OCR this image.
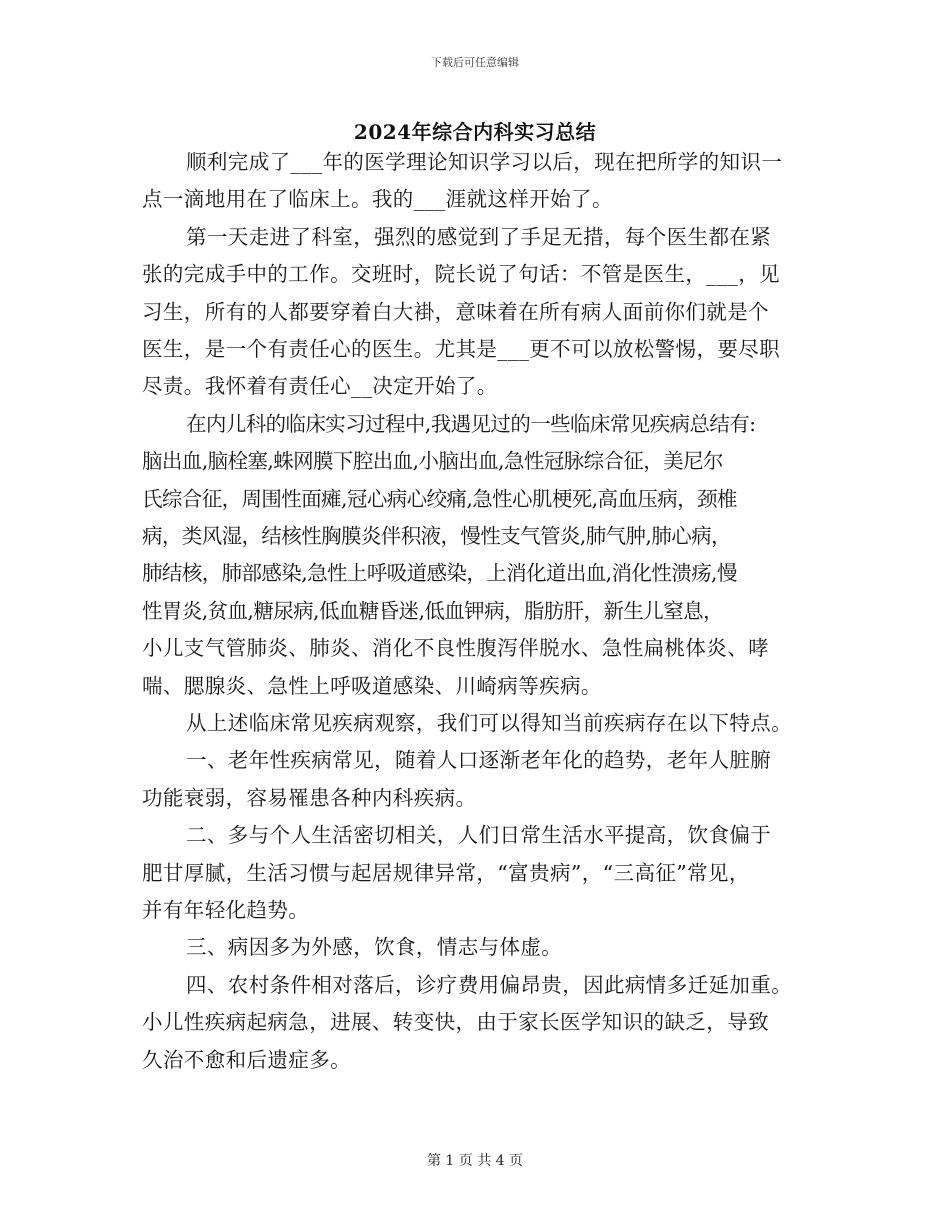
下载后可任意编辑
2024年综合内科实习总结
顺利完成了___年的医学理论知识学习以后，现在把所学的知识一
点一滴地用在了临床上。我的___涯就这样开始了。
第一天走进了科室，强烈的感觉到了手足无措，每个医生都在紧
张的完成手中的工作。交班时，院长说了句话：不管是医生，___，见
习生，所有的人都要穿着白大褂，意味着在所有病人面前你们就是个
医生，是一个有责任心的医生。尤其是___更不可以放松警惕，要尽职
尽责。我怀着有责任心__决定开始了。
在内儿科的临床实习过程中,我遇见过的一些临床常见疾病总结有:
脑出血,脑栓塞,蛛网膜下腔出血,小脑出血,急性冠脉综合征，美尼尔
氏综合征，周围性面瘫,冠心病心绞痛,急性心肌梗死,高血压病，颈椎
病，类风湿，结核性胸膜炎伴积液，慢性支气管炎,肺气肿,肺心病，
肺结核，肺部感染,急性上呼吸道感染，上消化道出血,消化性溃疡,慢
性胃炎,贫血,糖尿病,低血糖昏迷,低血钾病，脂肪肝，新生儿窒息，
小儿支气管肺炎、肺炎、消化不良性腹泻伴脱水、急性扁桃体炎、哮
喘、腮腺炎、急性上呼吸道感染、川崎病等疾病。
从上述临床常见疾病观察，我们可以得知当前疾病存在以下特点。
一、老年性疾病常见，随着人口逐渐老年化的趋势，老年人脏腑
功能衰弱，容易罹患各种内科疾病。
二、多与个人生活密切相关，人们日常生活水平提高，饮食偏于
肥甘厚腻，生活习惯与起居规律异常，“富贵病”，“三高征”常见，
并有年轻化趋势。
三、病因多为外感，饮食，情志与体虚。
四、农村条件相对落后，诊疗费用偏昂贵，因此病情多迁延加重。
小儿性疾病起病急，进展、转变快，由于家长医学知识的缺乏，导致
久治不愈和后遗症多。
第 1 页 共 4 页
